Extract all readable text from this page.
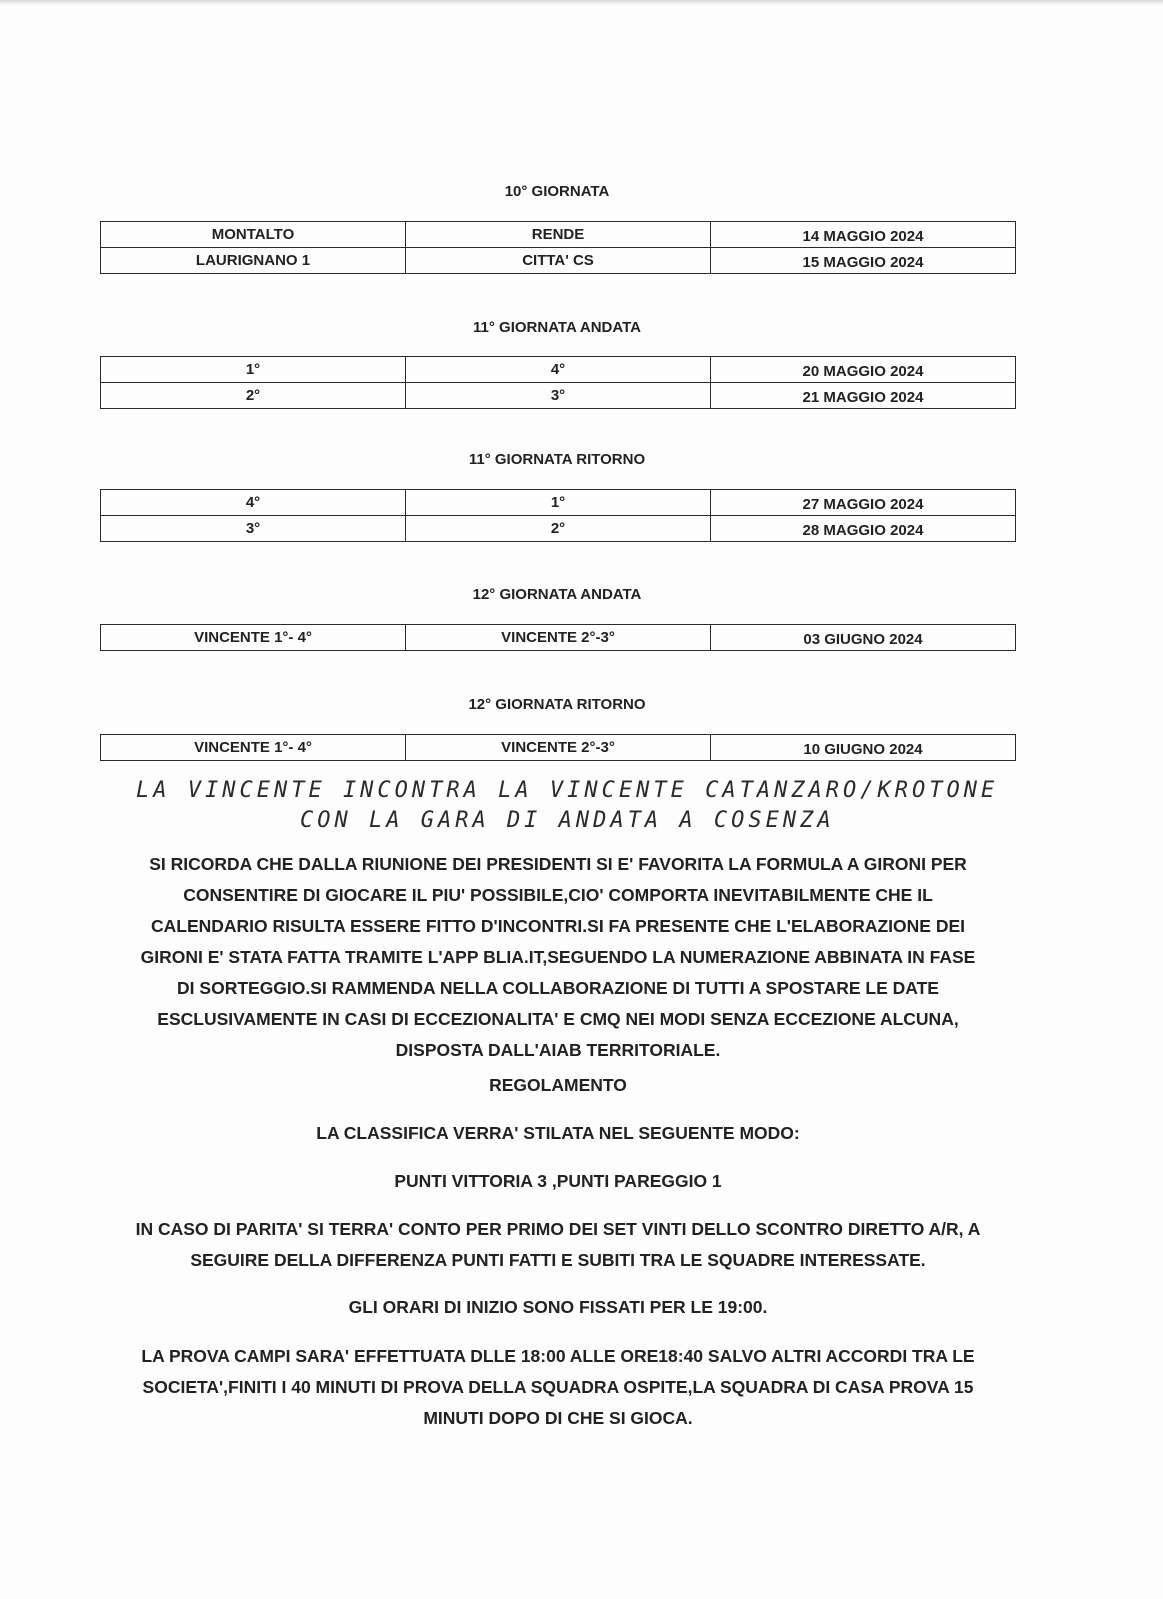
10° GIORNATA
MONTALTO	RENDE	14 MAGGIO 2024
LAURIGNANO 1	CITTA' CS	15 MAGGIO 2024
11° GIORNATA ANDATA
1°	4°	20 MAGGIO 2024
2°	3°	21 MAGGIO 2024
11° GIORNATA RITORNO
4°	1°	27 MAGGIO 2024
3°	2°	28 MAGGIO 2024
12° GIORNATA ANDATA
VINCENTE 1°- 4°	VINCENTE 2°-3°	03 GIUGNO 2024
12° GIORNATA RITORNO
VINCENTE 1°- 4°	VINCENTE 2°-3°	10 GIUGNO 2024
LA VINCENTE INCONTRA LA VINCENTE CATANZARO/KROTONE
CON LA GARA DI ANDATA A COSENZA
SI RICORDA CHE DALLA RIUNIONE DEI PRESIDENTI SI E' FAVORITA LA FORMULA A GIRONI PER
CONSENTIRE DI GIOCARE IL PIU' POSSIBILE,CIO' COMPORTA INEVITABILMENTE CHE IL
CALENDARIO RISULTA ESSERE FITTO D'INCONTRI.SI FA PRESENTE CHE L'ELABORAZIONE DEI
GIRONI E' STATA FATTA TRAMITE L'APP BLIA.IT,SEGUENDO LA NUMERAZIONE ABBINATA IN FASE
DI SORTEGGIO.SI RAMMENDA NELLA COLLABORAZIONE DI TUTTI A SPOSTARE LE DATE
ESCLUSIVAMENTE IN CASI DI ECCEZIONALITA' E CMQ NEI MODI SENZA ECCEZIONE ALCUNA,
DISPOSTA DALL'AIAB TERRITORIALE.
REGOLAMENTO
LA CLASSIFICA VERRA' STILATA NEL SEGUENTE MODO:
PUNTI VITTORIA 3 ,PUNTI PAREGGIO 1
IN CASO DI PARITA' SI TERRA' CONTO PER PRIMO DEI SET VINTI DELLO SCONTRO DIRETTO A/R, A
SEGUIRE DELLA DIFFERENZA PUNTI FATTI E SUBITI TRA LE SQUADRE INTERESSATE.
GLI ORARI DI INIZIO SONO FISSATI PER LE 19:00.
LA PROVA CAMPI SARA' EFFETTUATA DLLE 18:00 ALLE ORE18:40 SALVO ALTRI ACCORDI TRA LE
SOCIETA',FINITI I 40 MINUTI DI PROVA DELLA SQUADRA OSPITE,LA SQUADRA DI CASA PROVA 15
MINUTI DOPO DI CHE SI GIOCA.
